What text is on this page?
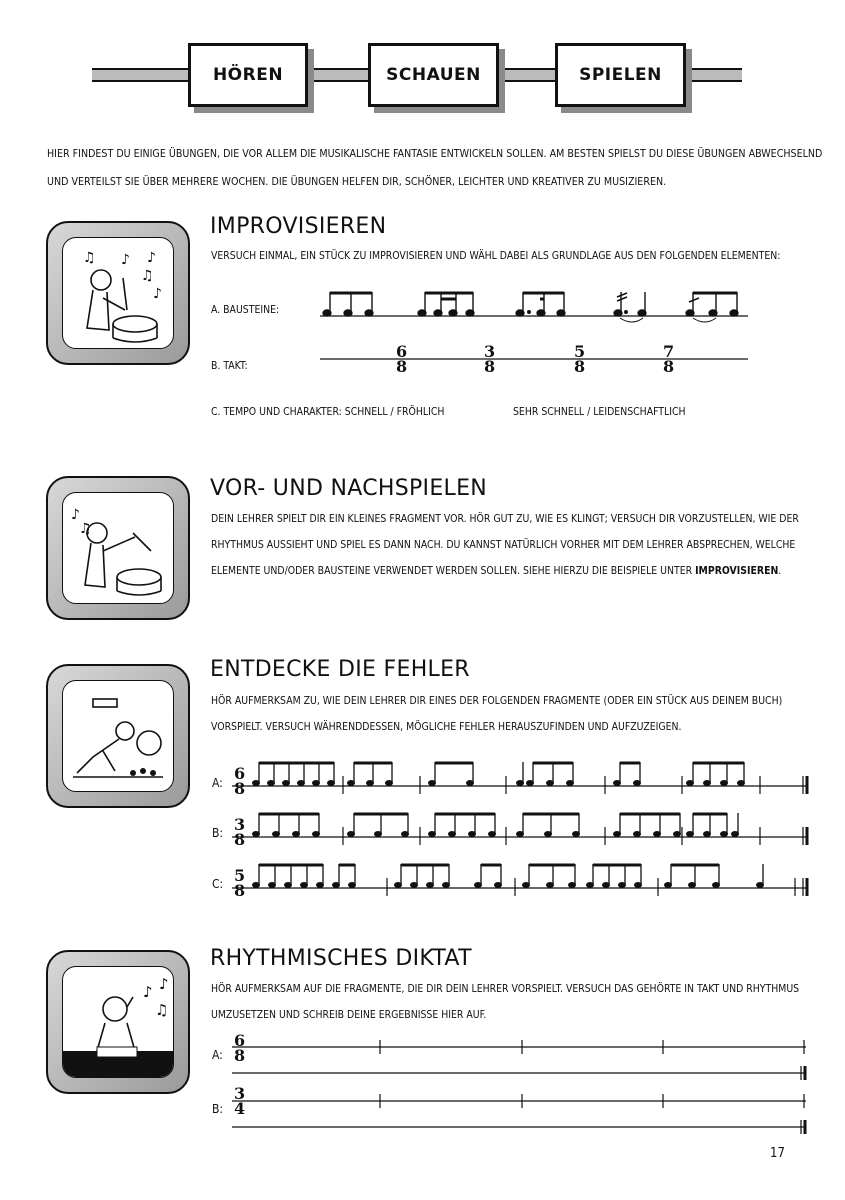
HÖREN	SCHAUEN	SPIELEN
HIER FINDEST DU EINIGE ÜBUNGEN, DIE VOR ALLEM DIE MUSIKALISCHE FANTASIE ENTWICKELN SOLLEN. AM BESTEN SPIELST DU DIESE ÜBUNGEN ABWECHSELND UND VERTEILST SIE ÜBER MEHRERE WOCHEN. DIE ÜBUNGEN HELFEN DIR, SCHÖNER, LEICHTER UND KREATIVER ZU MUSIZIEREN.
♪
♫
♪
♫	♪
IMPROVISIEREN
VERSUCH EINMAL, EIN STÜCK ZU IMPROVISIEREN UND WÄHL DABEI ALS GRUNDLAGE AUS DEN FOLGENDEN ELEMENTEN:
A. BAUSTEINE:
B. TAKT:
6
8
3
8
5
8
7
8
C. TEMPO UND CHARAKTER: SCHNELL / FRÖHLICH	SEHR SCHNELL / LEIDENSCHAFTLICH
♪
♫
VOR- UND NACHSPIELEN
DEIN LEHRER SPIELT DIR EIN KLEINES FRAGMENT VOR. HÖR GUT ZU, WIE ES KLINGT; VERSUCH DIR VORZUSTELLEN, WIE DER RHYTHMUS AUSSIEHT UND SPIEL ES DANN NACH. DU KANNST NATÜRLICH VORHER MIT DEM LEHRER ABSPRECHEN, WELCHE ELEMENTE UND/ODER BAUSTEINE VERWENDET WERDEN SOLLEN. SIEHE HIERZU DIE BEISPIELE UNTER IMPROVISIEREN.
ENTDECKE DIE FEHLER
HÖR AUFMERKSAM ZU, WIE DEIN LEHRER DIR EINES DER FOLGENDEN FRAGMENTE (ODER EIN STÜCK AUS DEINEM BUCH) VORSPIELT. VERSUCH WÄHRENDDESSEN, MÖGLICHE FEHLER HERAUSZUFINDEN UND AUFZUZEIGEN.
A:
B:
C:
6
8
3
8
5
8
♪
♫
♪
RHYTHMISCHES DIKTAT
HÖR AUFMERKSAM AUF DIE FRAGMENTE, DIE DIR DEIN LEHRER VORSPIELT. VERSUCH DAS GEHÖRTE IN TAKT UND RHYTHMUS UMZUSETZEN UND SCHREIB DEINE ERGEBNISSE HIER AUF.
A:
B:
6
8
3
4
17
